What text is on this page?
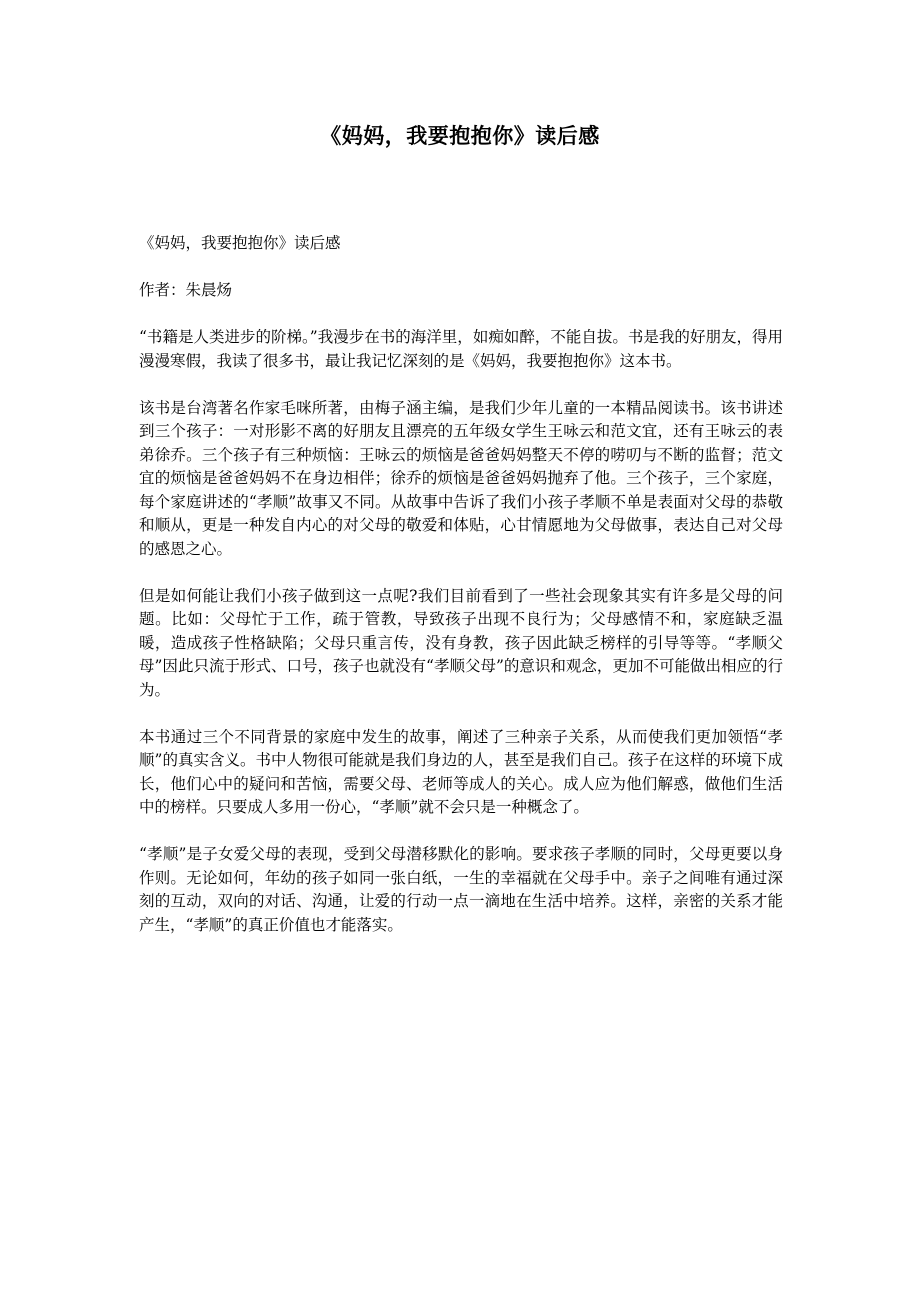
《妈妈，我要抱抱你》读后感

《妈妈，我要抱抱你》读后感

作者：朱晨炀

“书籍是人类进步的阶梯。”我漫步在书的海洋里，如痴如醉，不能自拔。书是我的好朋友，得用漫漫寒假，我读了很多书，最让我记忆深刻的是《妈妈，我要抱抱你》这本书。

该书是台湾著名作家毛咪所著，由梅子涵主编，是我们少年儿童的一本精品阅读书。该书讲述到三个孩子：一对形影不离的好朋友且漂亮的五年级女学生王咏云和范文宜，还有王咏云的表弟徐乔。三个孩子有三种烦恼：王咏云的烦恼是爸爸妈妈整天不停的唠叨与不断的监督；范文宜的烦恼是爸爸妈妈不在身边相伴；徐乔的烦恼是爸爸妈妈抛弃了他。三个孩子，三个家庭，每个家庭讲述的“孝顺”故事又不同。从故事中告诉了我们小孩子孝顺不单是表面对父母的恭敬和顺从，更是一种发自内心的对父母的敬爱和体贴，心甘情愿地为父母做事，表达自己对父母的感恩之心。

但是如何能让我们小孩子做到这一点呢?我们目前看到了一些社会现象其实有许多是父母的问题。比如：父母忙于工作，疏于管教，导致孩子出现不良行为；父母感情不和，家庭缺乏温暖，造成孩子性格缺陷；父母只重言传，没有身教，孩子因此缺乏榜样的引导等等。“孝顺父母”因此只流于形式、口号，孩子也就没有“孝顺父母”的意识和观念，更加不可能做出相应的行为。

本书通过三个不同背景的家庭中发生的故事，阐述了三种亲子关系，从而使我们更加领悟“孝顺”的真实含义。书中人物很可能就是我们身边的人，甚至是我们自己。孩子在这样的环境下成长，他们心中的疑问和苦恼，需要父母、老师等成人的关心。成人应为他们解惑，做他们生活中的榜样。只要成人多用一份心，“孝顺”就不会只是一种概念了。

“孝顺”是子女爱父母的表现，受到父母潜移默化的影响。要求孩子孝顺的同时，父母更要以身作则。无论如何，年幼的孩子如同一张白纸，一生的幸福就在父母手中。亲子之间唯有通过深刻的互动，双向的对话、沟通，让爱的行动一点一滴地在生活中培养。这样，亲密的关系才能产生，“孝顺”的真正价值也才能落实。
